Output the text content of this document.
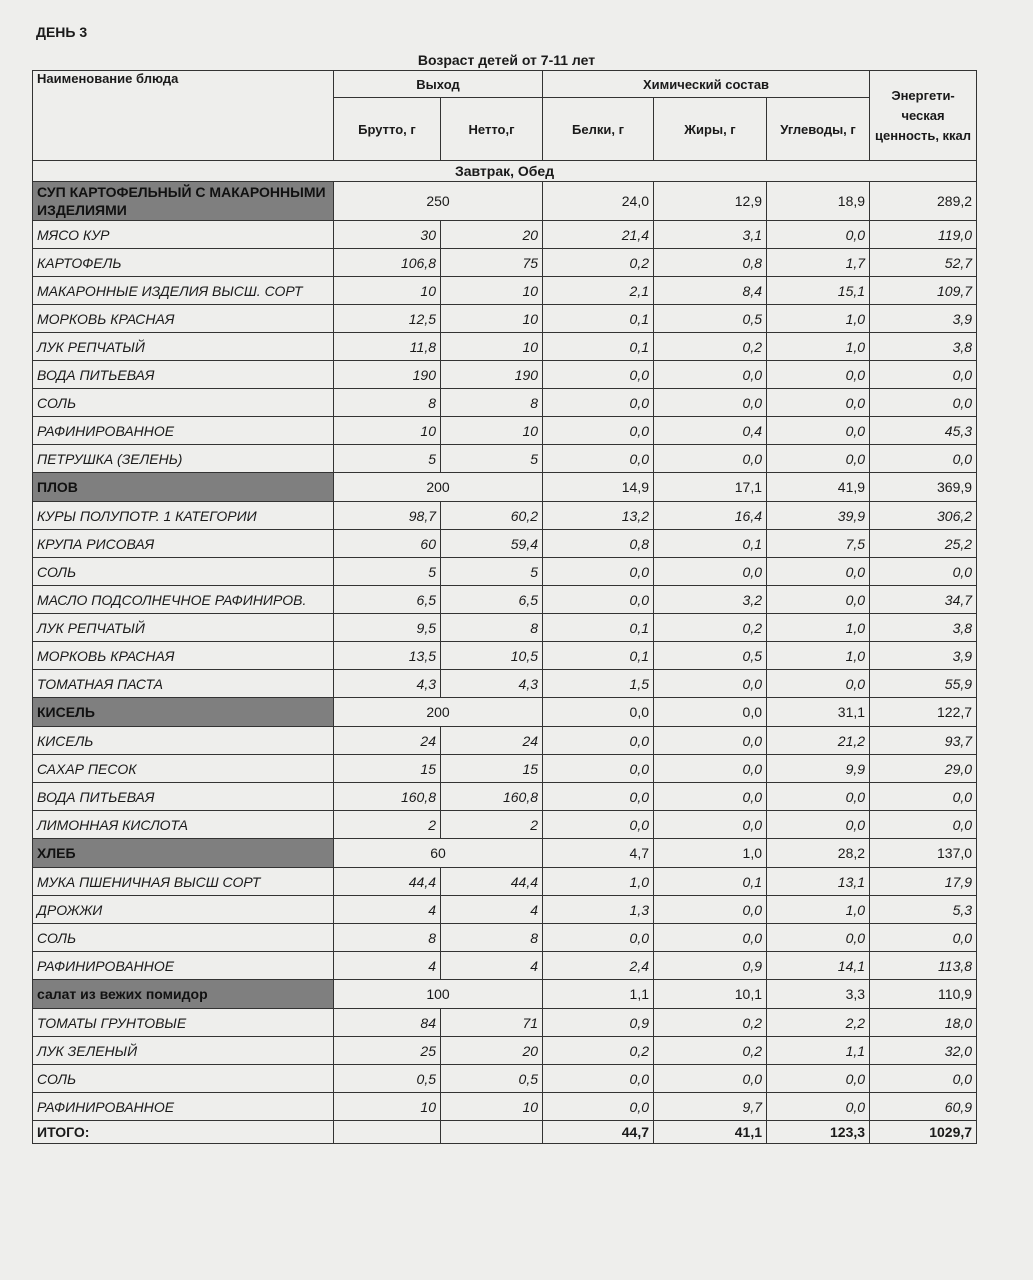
ДЕНЬ 3
Возраст детей от 7-11 лет
Наименование блюда	Выход		Химический состав			Энергети-ческая ценность, ккал
	Брутто, г	Нетто,г	Белки, г	Жиры, г	Углеводы, г	
Завтрак, Обед						
СУП КАРТОФЕЛЬНЫЙ С МАКАРОННЫМИ ИЗДЕЛИЯМИ	250		24,0	12,9	18,9	289,2
МЯСО КУР	30	20	21,4	3,1	0,0	119,0
КАРТОФЕЛЬ	106,8	75	0,2	0,8	1,7	52,7
МАКАРОННЫЕ ИЗДЕЛИЯ ВЫСШ. СОРТ	10	10	2,1	8,4	15,1	109,7
МОРКОВЬ КРАСНАЯ	12,5	10	0,1	0,5	1,0	3,9
ЛУК РЕПЧАТЫЙ	11,8	10	0,1	0,2	1,0	3,8
ВОДА ПИТЬЕВАЯ	190	190	0,0	0,0	0,0	0,0
СОЛЬ	8	8	0,0	0,0	0,0	0,0
РАФИНИРОВАННОЕ	10	10	0,0	0,4	0,0	45,3
ПЕТРУШКА (ЗЕЛЕНЬ)	5	5	0,0	0,0	0,0	0,0
ПЛОВ	200		14,9	17,1	41,9	369,9
КУРЫ ПОЛУПОТР. 1 КАТЕГОРИИ	98,7	60,2	13,2	16,4	39,9	306,2
КРУПА РИСОВАЯ	60	59,4	0,8	0,1	7,5	25,2
СОЛЬ	5	5	0,0	0,0	0,0	0,0
МАСЛО ПОДСОЛНЕЧНОЕ РАФИНИРОВ.	6,5	6,5	0,0	3,2	0,0	34,7
ЛУК РЕПЧАТЫЙ	9,5	8	0,1	0,2	1,0	3,8
МОРКОВЬ КРАСНАЯ	13,5	10,5	0,1	0,5	1,0	3,9
ТОМАТНАЯ ПАСТА	4,3	4,3	1,5	0,0	0,0	55,9
КИСЕЛЬ	200		0,0	0,0	31,1	122,7
КИСЕЛЬ	24	24	0,0	0,0	21,2	93,7
САХАР ПЕСОК	15	15	0,0	0,0	9,9	29,0
ВОДА ПИТЬЕВАЯ	160,8	160,8	0,0	0,0	0,0	0,0
ЛИМОННАЯ КИСЛОТА	2	2	0,0	0,0	0,0	0,0
ХЛЕБ	60		4,7	1,0	28,2	137,0
МУКА ПШЕНИЧНАЯ ВЫСШ СОРТ	44,4	44,4	1,0	0,1	13,1	17,9
ДРОЖЖИ	4	4	1,3	0,0	1,0	5,3
СОЛЬ	8	8	0,0	0,0	0,0	0,0
РАФИНИРОВАННОЕ	4	4	2,4	0,9	14,1	113,8
салат из вежих помидор	100		1,1	10,1	3,3	110,9
ТОМАТЫ ГРУНТОВЫЕ	84	71	0,9	0,2	2,2	18,0
ЛУК ЗЕЛЕНЫЙ	25	20	0,2	0,2	1,1	32,0
СОЛЬ	0,5	0,5	0,0	0,0	0,0	0,0
РАФИНИРОВАННОЕ	10	10	0,0	9,7	0,0	60,9
ИТОГО:			44,7	41,1	123,3	1029,7
